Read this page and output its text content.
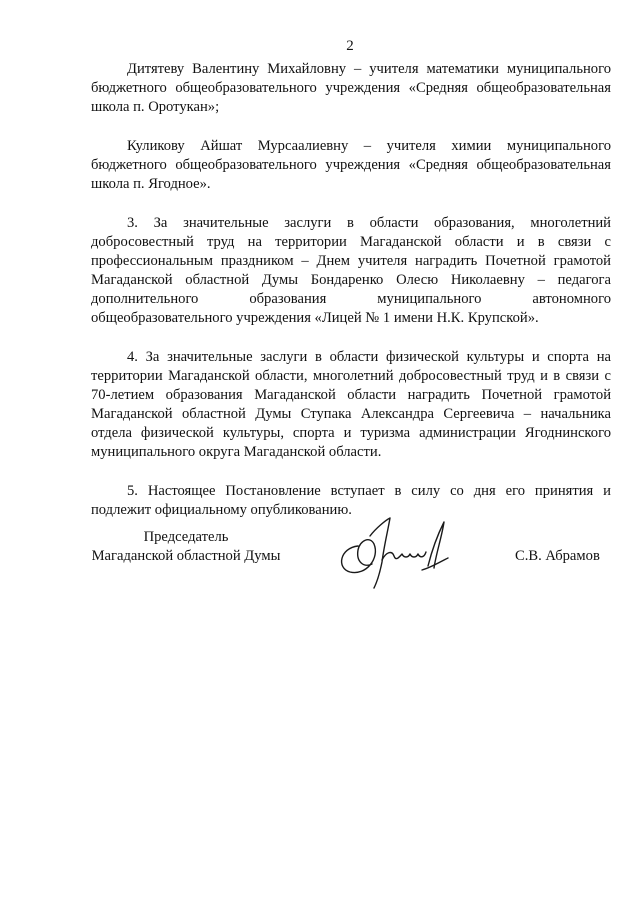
2

Дитятеву Валентину Михайловну – учителя математики муниципального бюджетного общеобразовательного учреждения «Средняя общеобразовательная школа п. Оротукан»;

Куликову Айшат Мурсаалиевну – учителя химии муниципального бюджетного общеобразовательного учреждения «Средняя общеобразовательная школа п. Ягодное».

3. За значительные заслуги в области образования, многолетний добросовестный труд на территории Магаданской области и в связи с профессиональным праздником – Днем учителя наградить Почетной грамотой Магаданской областной Думы Бондаренко Олесю Николаевну – педагога дополнительного образования муниципального автономного общеобразовательного учреждения «Лицей № 1 имени Н.К. Крупской».

4. За значительные заслуги в области физической культуры и спорта на территории Магаданской области, многолетний добросовестный труд и в связи с 70-летием образования Магаданской области наградить Почетной грамотой Магаданской областной Думы Ступака Александра Сергеевича – начальника отдела физической культуры, спорта и туризма администрации Ягоднинского муниципального округа Магаданской области.

5. Настоящее Постановление вступает в силу со дня его принятия и подлежит официальному опубликованию.

Председатель
Магаданской областной Думы	С.В. Абрамов
